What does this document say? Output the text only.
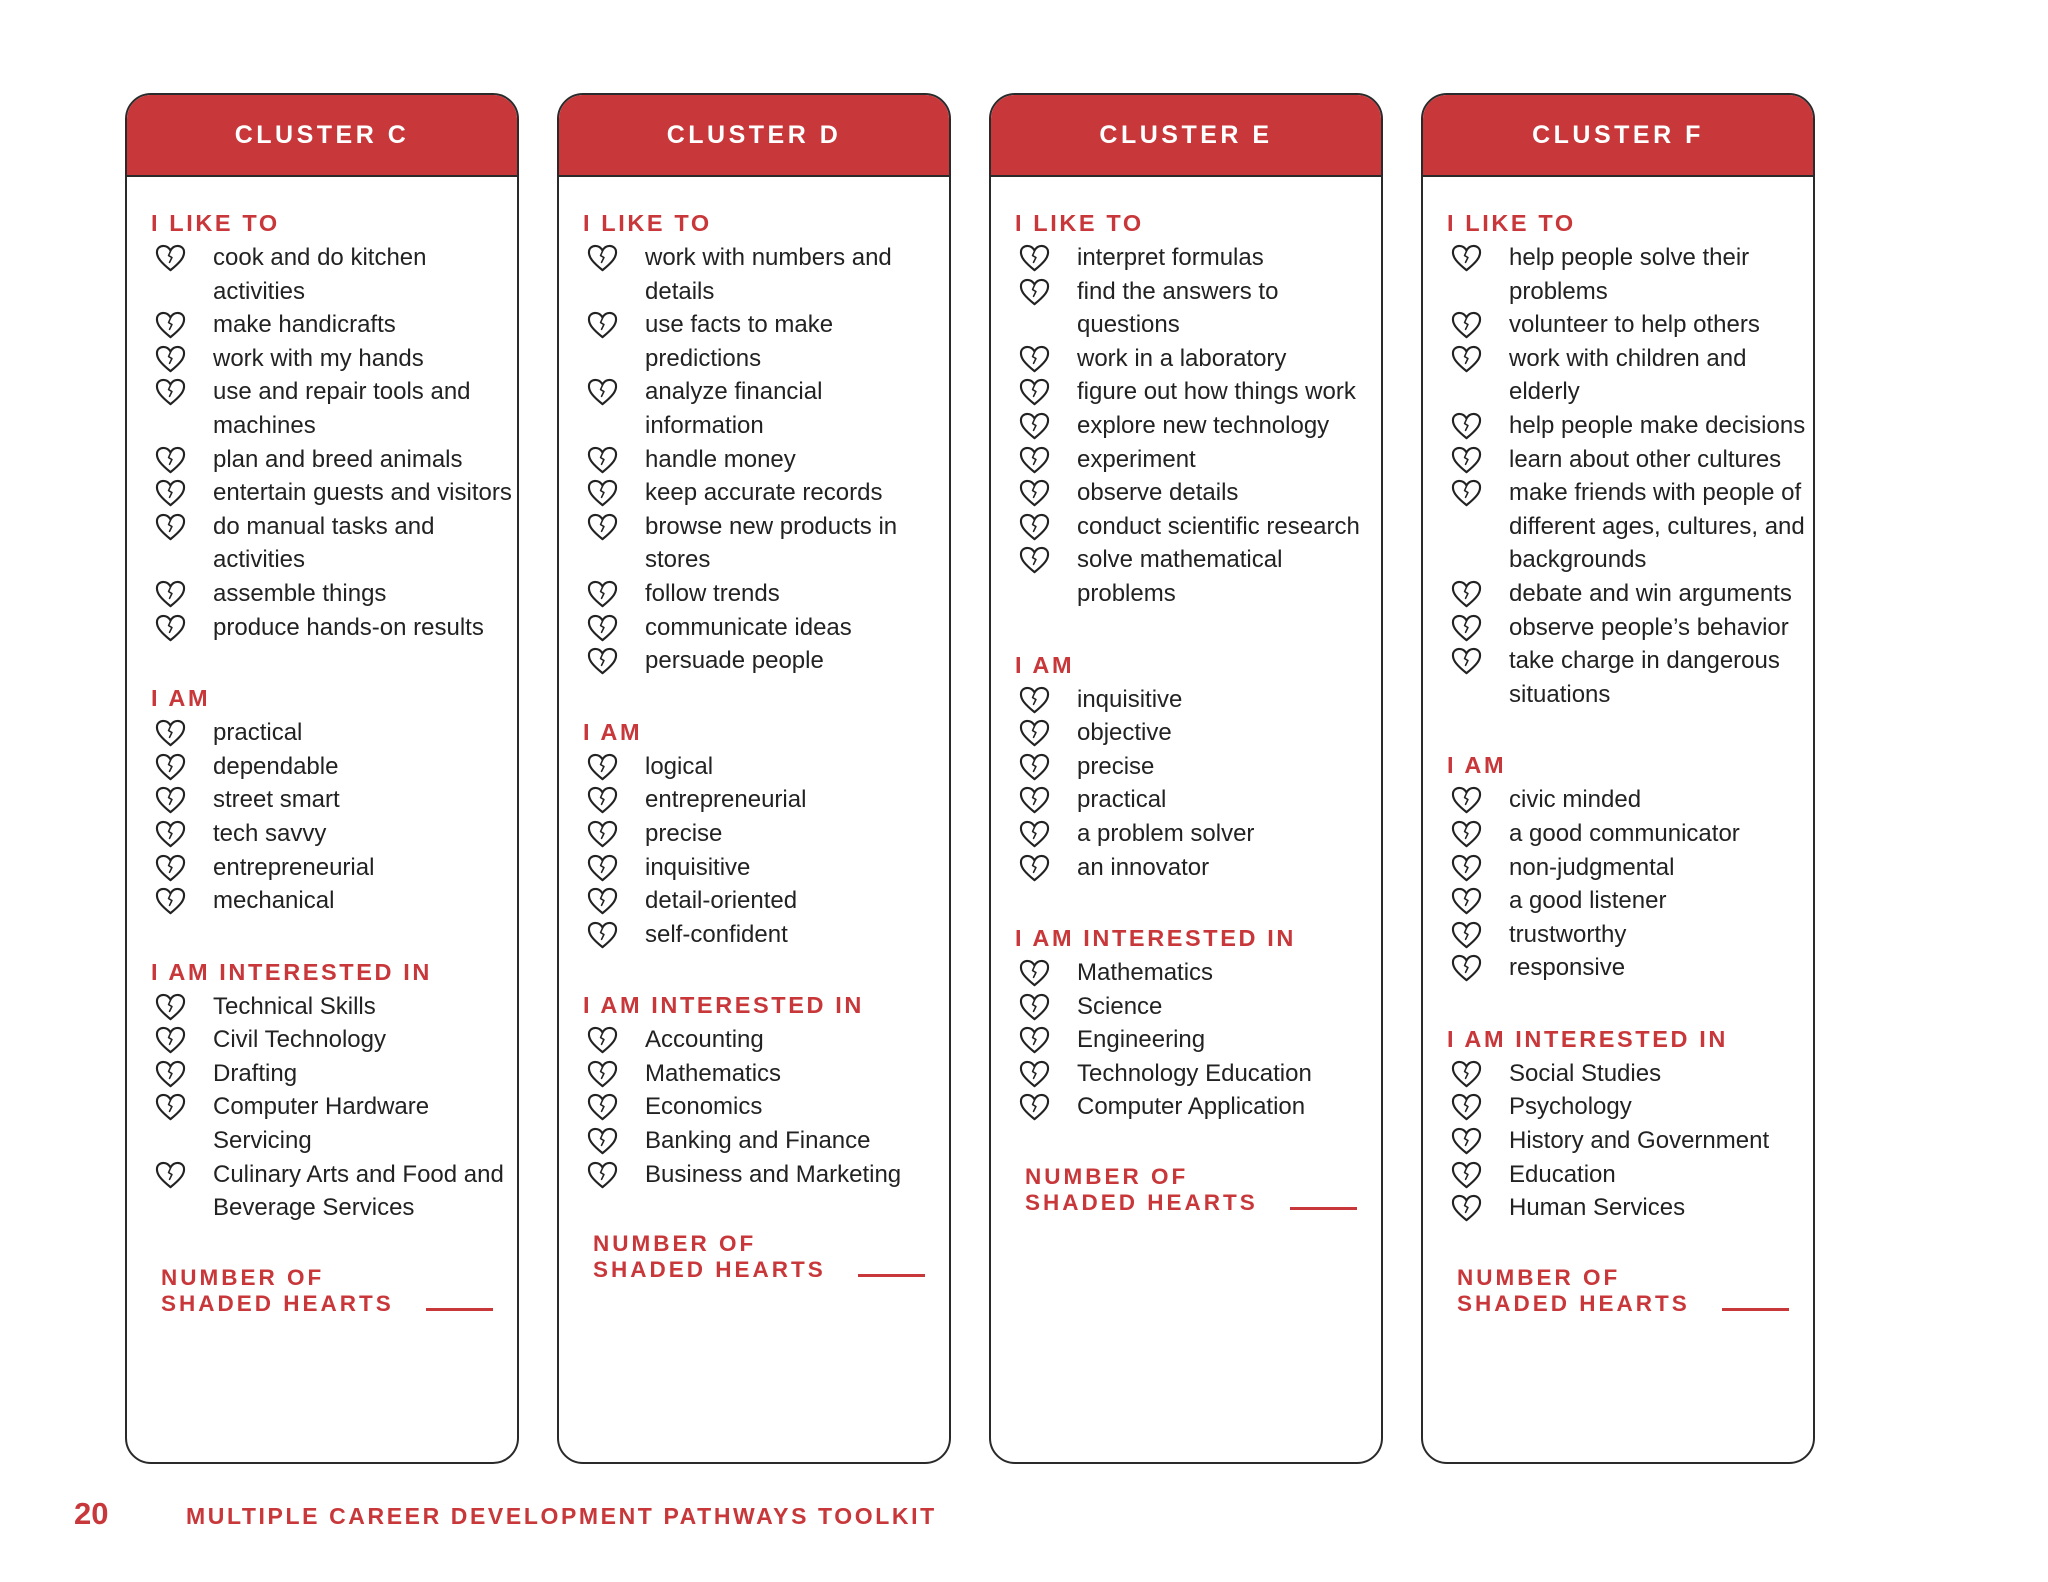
CLUSTER C
I LIKE TO
cook and do kitchen activities
make handicrafts
work with my hands
use and repair tools and machines
plan and breed animals
entertain guests and visitors
do manual tasks and activities
assemble things
produce hands-on results
I AM
practical
dependable
street smart
tech savvy
entrepreneurial
mechanical
I AM INTERESTED IN
Technical Skills
Civil Technology
Drafting
Computer Hardware Servicing
Culinary Arts and Food and Beverage Services
NUMBER OF
SHADED HEARTS
CLUSTER D
I LIKE TO
work with numbers and details
use facts to make predictions
analyze financial information
handle money
keep accurate records
browse new products in stores
follow trends
communicate ideas
persuade people
I AM
logical
entrepreneurial
precise
inquisitive
detail-oriented
self-confident
I AM INTERESTED IN
Accounting
Mathematics
Economics
Banking and Finance
Business and Marketing
NUMBER OF
SHADED HEARTS
CLUSTER E
I LIKE TO
interpret formulas
find the answers to questions
work in a laboratory
figure out how things work
explore new technology
experiment
observe details
conduct scientific research
solve mathematical problems
I AM
inquisitive
objective
precise
practical
a problem solver
an innovator
I AM INTERESTED IN
Mathematics
Science
Engineering
Technology Education
Computer Application
NUMBER OF
SHADED HEARTS
CLUSTER F
I LIKE TO
help people solve their problems
volunteer to help others
work with children and elderly
help people make decisions
learn about other cultures
make friends with people of different ages, cultures, and backgrounds
debate and win arguments
observe people’s behavior
take charge in dangerous situations
I AM
civic minded
a good communicator
non-judgmental
a good listener
trustworthy
responsive
I AM INTERESTED IN
Social Studies
Psychology
History and Government
Education
Human Services
NUMBER OF
SHADED HEARTS
20	MULTIPLE CAREER DEVELOPMENT PATHWAYS TOOLKIT
